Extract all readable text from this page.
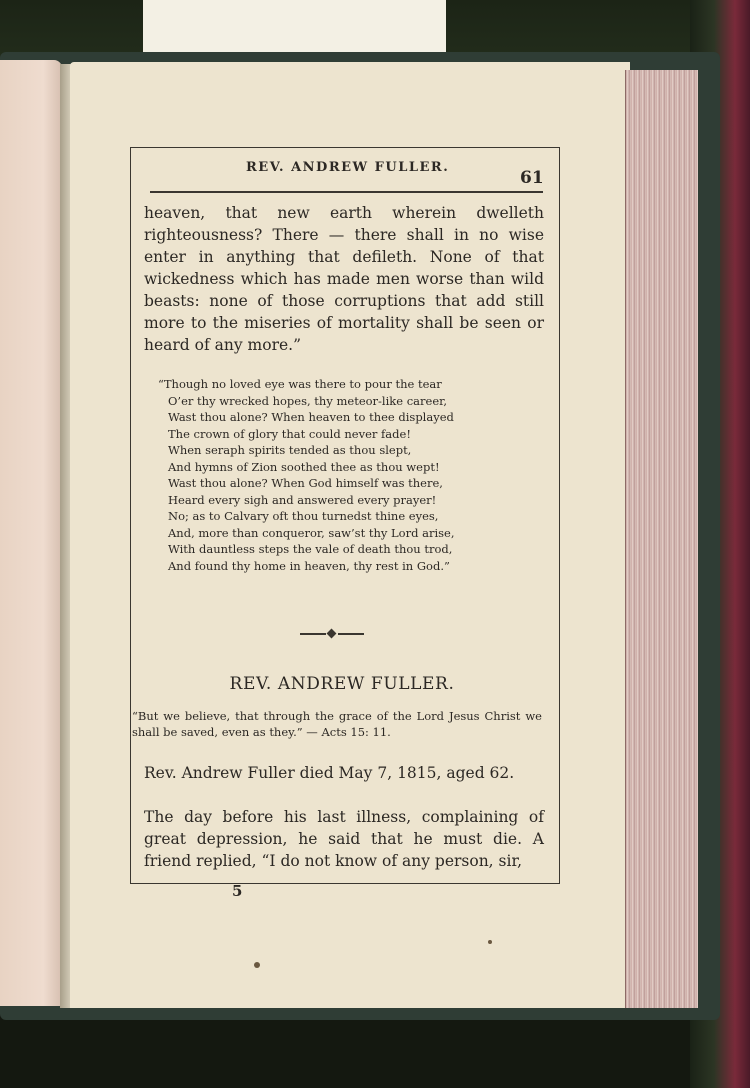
REV. ANDREW FULLER.
61
heaven, that new earth wherein dwelleth righteousness? There — there shall in no wise enter in anything that defileth. None of that wickedness which has made men worse than wild beasts: none of those corruptions that add still more to the miseries of mortality shall be seen or heard of any more.”
“Though no loved eye was there to pour the tear
O’er thy wrecked hopes, thy meteor-like career,
Wast thou alone? When heaven to thee displayed
The crown of glory that could never fade!
When seraph spirits tended as thou slept,
And hymns of Zion soothed thee as thou wept!
Wast thou alone? When God himself was there,
Heard every sigh and answered every prayer!
No; as to Calvary oft thou turnedst thine eyes,
And, more than conqueror, saw’st thy Lord arise,
With dauntless steps the vale of death thou trod,
And found thy home in heaven, thy rest in God.”
REV. ANDREW FULLER.
“But we believe, that through the grace of the Lord Jesus Christ we shall be saved, even as they.” — Acts 15: 11.
Rev. Andrew Fuller died May 7, 1815, aged 62.
The day before his last illness, complaining of great depression, he said that he must die. A friend replied, “I do not know of any person, sir,
5
